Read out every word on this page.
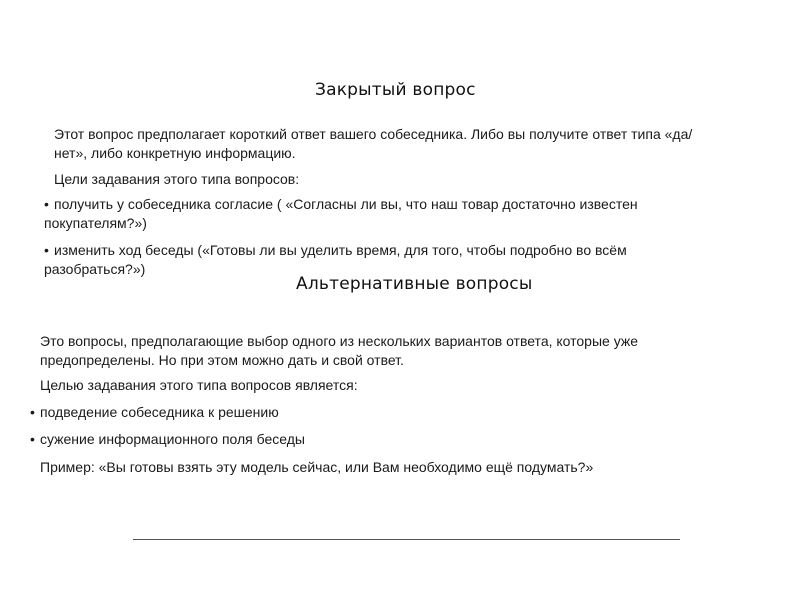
Закрытый вопрос
Этот вопрос предполагает короткий ответ вашего собеседника. Либо вы получите ответ типа «да/нет», либо конкретную информацию.
Цели задавания этого типа вопросов:
• получить у собеседника согласие ( «Согласны ли вы, что наш товар достаточно известен покупателям?»)
• изменить ход беседы («Готовы ли вы уделить время, для того, чтобы подробно во всём разобраться?»)
Альтернативные вопросы
Это вопросы, предполагающие выбор одного из нескольких вариантов ответа, которые уже предопределены. Но при этом можно дать и свой ответ.
Целью задавания этого типа вопросов является:
• подведение собеседника к решению
• сужение информационного поля беседы
Пример: «Вы готовы взять эту модель сейчас, или Вам необходимо ещё подумать?»
